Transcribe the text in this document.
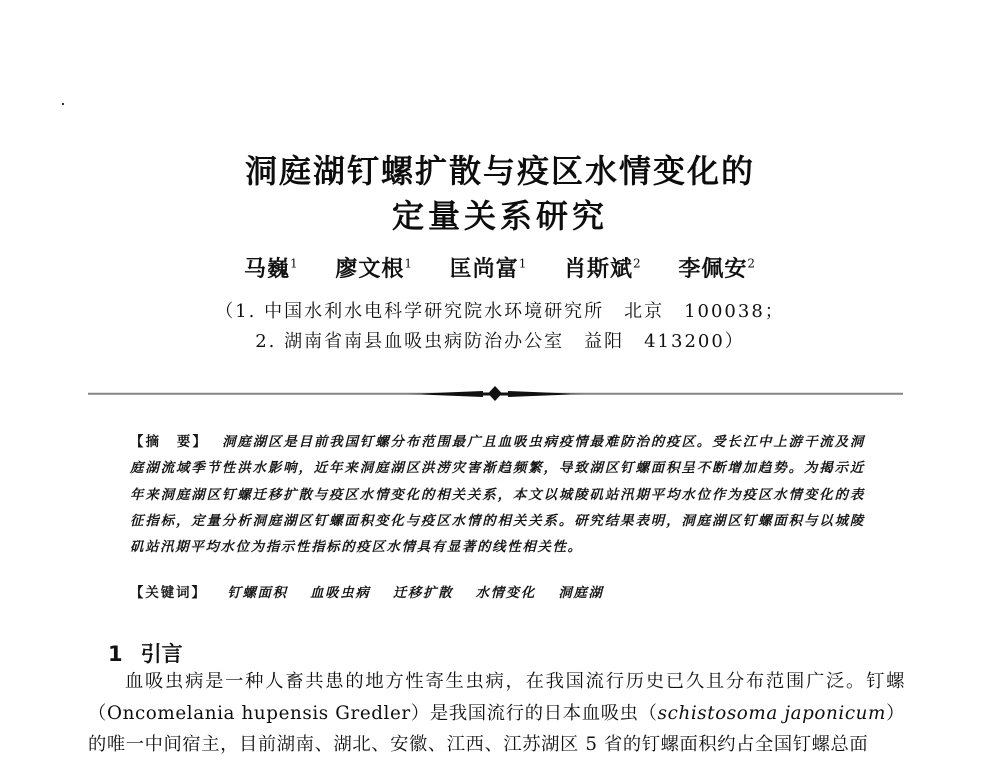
洞庭湖钉螺扩散与疫区水情变化的
定量关系研究
马巍$^1$ 廖文根$^1$ 匡尚富$^1$ 肖斯斌$^2$ 李佩安$^2$
（1. 中国水利水电科学研究院水环境研究所　北京　100038；
2. 湖南省南县血吸虫病防治办公室　益阳　413200）

【摘　要】 洞庭湖区是目前我国钉螺分布范围最广且血吸虫病疫情最难防治的疫区。受长江中上游干流及洞庭湖流域季节性洪水影响，近年来洞庭湖区洪涝灾害渐趋频繁，导致湖区钉螺面积呈不断增加趋势。为揭示近年来洞庭湖区钉螺迁移扩散与疫区水情变化的相关关系，本文以城陵矶站汛期平均水位作为疫区水情变化的表征指标，定量分析洞庭湖区钉螺面积变化与疫区水情的相关关系。研究结果表明，洞庭湖区钉螺面积与以城陵矶站汛期平均水位为指示性指标的疫区水情具有显著的线性相关性。

【关键词】 钉螺面积 血吸虫病 迁移扩散 水情变化 洞庭湖
1 引言

血吸虫病是一种人畜共患的地方性寄生虫病，在我国流行历史已久且分布范围广泛。钉螺（Oncomelania hupensis Gredler）是我国流行的日本血吸虫（schistosoma japonicum）的唯一中间宿主，目前湖南、湖北、安徽、江西、江苏湖区 5 省的钉螺面积约占全国钉螺总面
